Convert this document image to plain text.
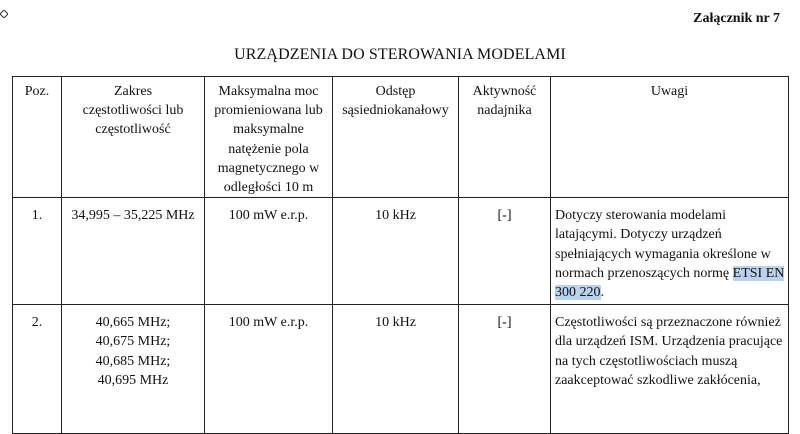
Załącznik nr 7
URZĄDZENIA DO STEROWANIA MODELAMI
Poz.	Zakres częstotliwości lub częstotliwość	Maksymalna moc promieniowana lub maksymalne natężenie pola magnetycznego w odległości 10 m	Odstęp sąsiedniokanałowy	Aktywność nadajnika	Uwagi
1.	34,995 – 35,225 MHz	100 mW e.r.p.	10 kHz	[-]	Dotyczy sterowania modelami latającymi. Dotyczy urządzeń spełniających wymagania określone w normach przenoszących normę ETSI EN 300 220.
2.	40,665 MHz;
40,675 MHz;
40,685 MHz;
40,695 MHz	100 mW e.r.p.	10 kHz	[-]	Częstotliwości są przeznaczone również dla urządzeń ISM. Urządzenia pracujące na tych częstotliwościach muszą zaakceptować szkodliwe zakłócenia,
